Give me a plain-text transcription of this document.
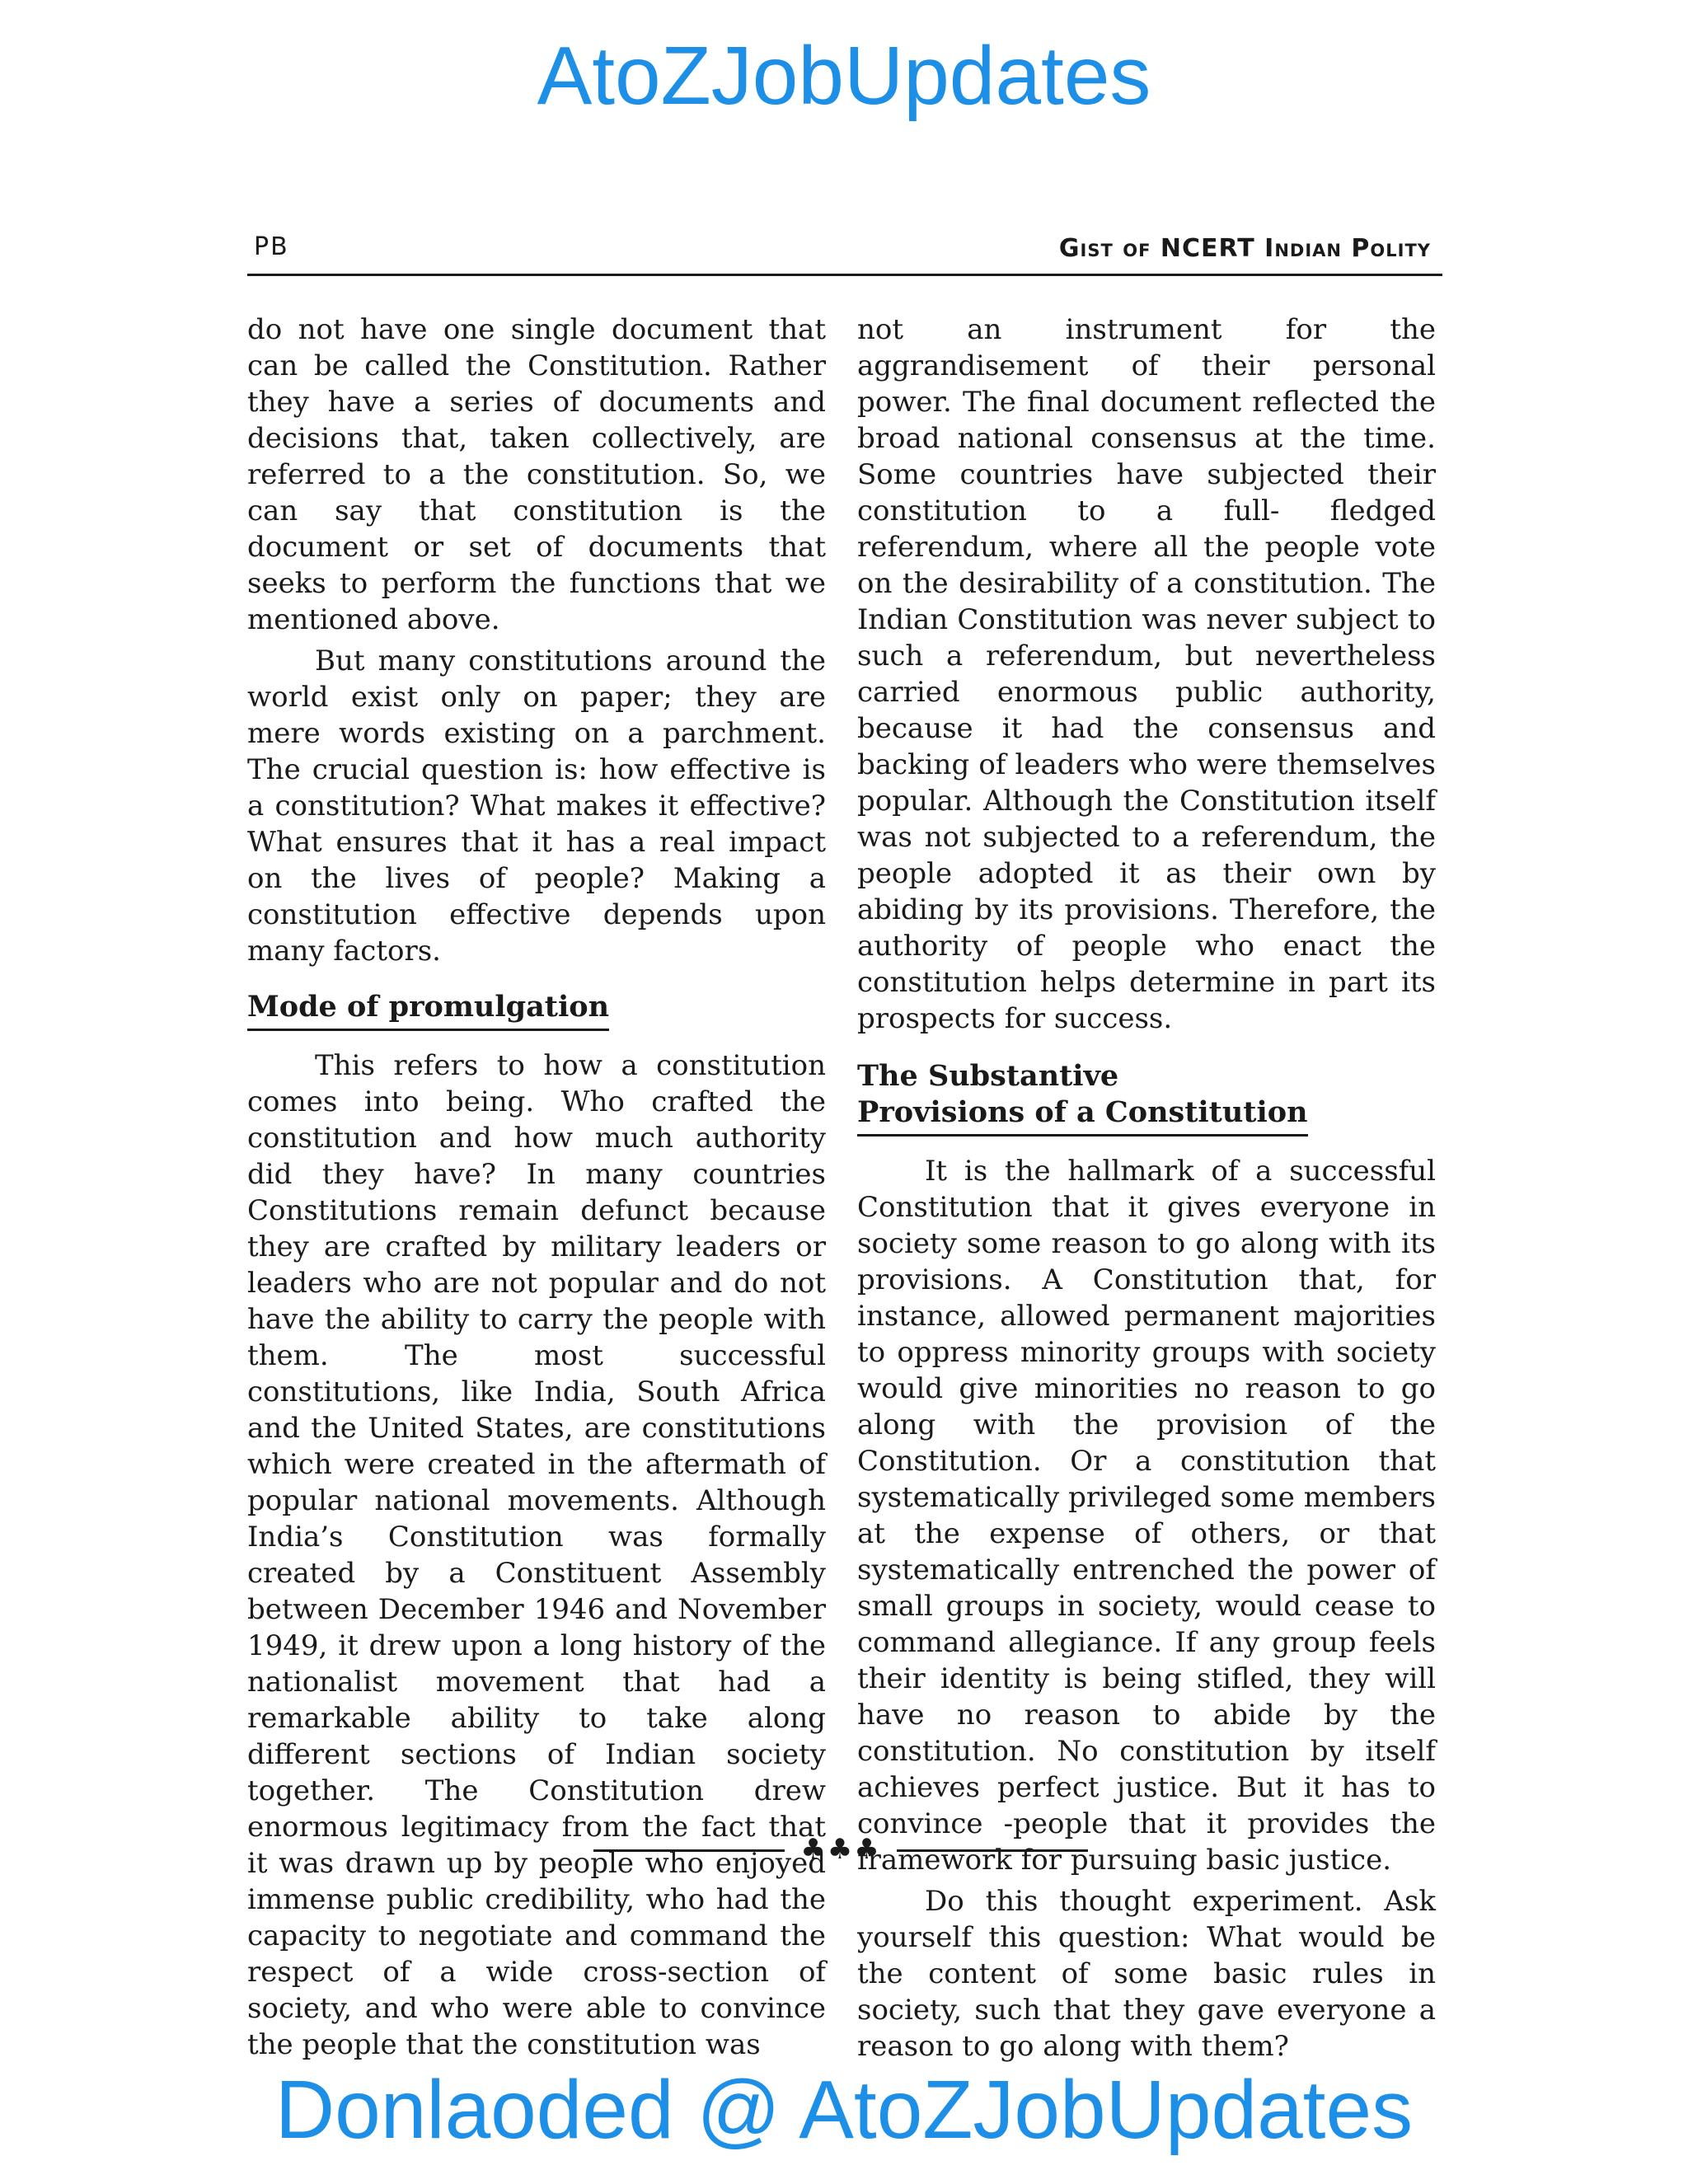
AtoZJobUpdates
PB	Gist of NCERT Indian Polity

do not have one single document that can be called the Constitution. Rather they have a series of documents and decisions that, taken collectively, are referred to a the constitution. So, we can say that constitution is the document or set of documents that seeks to perform the functions that we mentioned above.

But many constitutions around the world exist only on paper; they are mere words existing on a parchment. The crucial question is: how effective is a constitution? What makes it effective? What ensures that it has a real impact on the lives of people? Making a constitution effective depends upon many factors.

Mode of promulgation

This refers to how a constitution comes into being. Who crafted the constitution and how much authority did they have? In many countries Constitutions remain defunct because they are crafted by military leaders or leaders who are not popular and do not have the ability to carry the people with them. The most successful constitutions, like India, South Africa and the United States, are constitutions which were created in the aftermath of popular national movements. Although India’s Constitution was formally created by a Constituent Assembly between December 1946 and November 1949, it drew upon a long history of the nationalist movement that had a remarkable ability to take along different sections of Indian society together. The Constitution drew enormous legitimacy from the fact that it was drawn up by people who enjoyed immense public credibility, who had the capacity to negotiate and command the respect of a wide cross-section of society, and who were able to convince the people that the constitution was

not an instrument for the aggrandisement of their personal power. The final document reflected the broad national consensus at the time. Some countries have subjected their constitution to a full- fledged referendum, where all the people vote on the desirability of a constitution. The Indian Constitution was never subject to such a referendum, but nevertheless carried enormous public authority, because it had the consensus and backing of leaders who were themselves popular. Although the Constitution itself was not subjected to a referendum, the people adopted it as their own by abiding by its provisions. Therefore, the authority of people who enact the constitution helps determine in part its prospects for success.

The Substantive
Provisions of a Constitution

It is the hallmark of a successful Constitution that it gives everyone in society some reason to go along with its provisions. A Constitution that, for instance, allowed permanent majorities to oppress minority groups with society would give minorities no reason to go along with the provision of the Constitution. Or a constitution that systematically privileged some members at the expense of others, or that systematically entrenched the power of small groups in society, would cease to command allegiance. If any group feels their identity is being stifled, they will have no reason to abide by the constitution. No constitution by itself achieves perfect justice. But it has to convince -people that it provides the framework for pursuing basic justice.

Do this thought experiment. Ask yourself this question: What would be the content of some basic rules in society, such that they gave everyone a reason to go along with them?

♣♣♣
Donlaoded @ AtoZJobUpdates
